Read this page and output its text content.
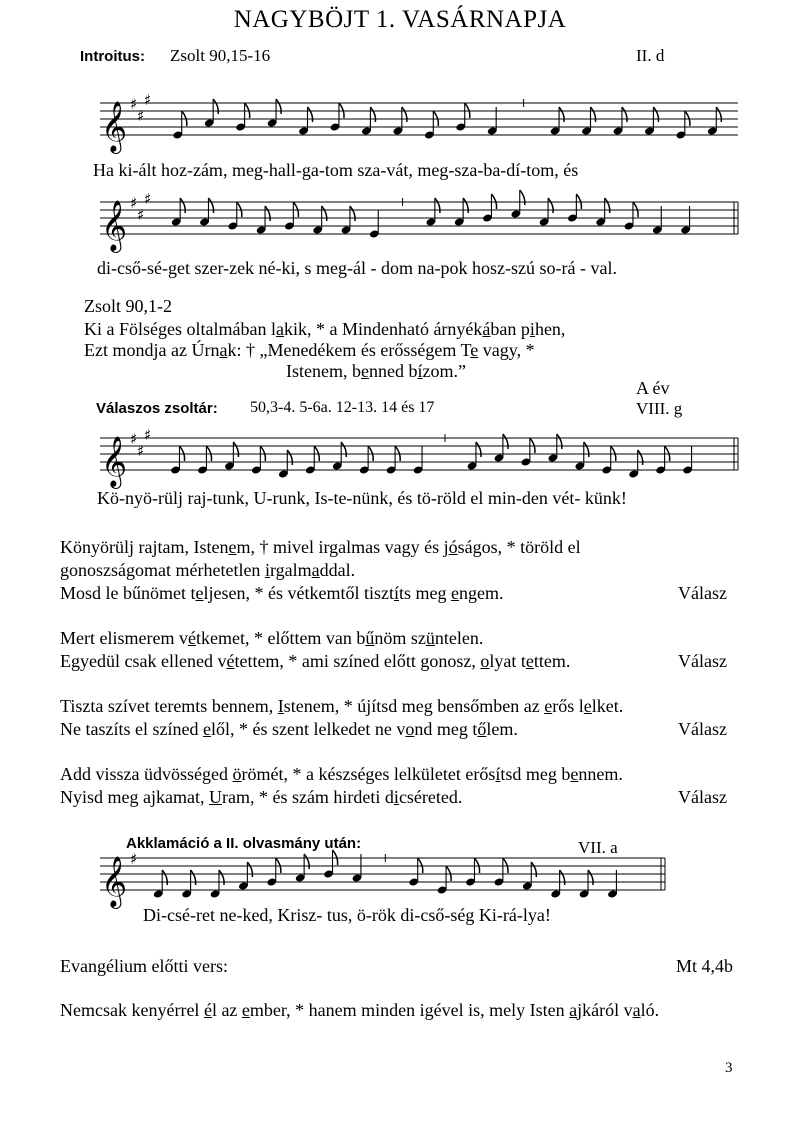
NAGYBÖJT 1. VASÁRNAPJA
Introitus: Zsolt 90,15-16	II. d
𝄞 ♯
♯
♯
Ha ki-ált hoz-zám, meg-hall-ga-tom sza-vát, meg-sza-ba-dí-tom, és
𝄞 ♯
♯
♯
di-cső-sé-get szer-zek né-ki, s meg-ál - dom na-pok hosz-szú so-rá - val.
Zsolt 90,1-2
Ki a Fölséges oltalmában lakik, * a Mindenható árnyékában pihen,
Ezt mondja az Úrnak: † „Menedékem és erősségem Te vagy, *
Istenem, benned bízom.”
A év
Válaszos zsoltár: 50,3-4. 5-6a. 12-13. 14 és 17	VIII. g
𝄞 ♯
♯
♯
Kö-nyö-rülj raj-tunk, U-runk, Is-te-nünk, és tö-röld el min-den vét- künk!
Könyörülj rajtam, Istenem, † mivel irgalmas vagy és jóságos, * töröld el
gonoszságomat mérhetetlen irgalmaddal.
Mosd le bűnömet teljesen, * és vétkemtől tisztíts meg engem.	Válasz
Mert elismerem vétkemet, * előttem van bűnöm szüntelen.
Egyedül csak ellened vétettem, * ami színed előtt gonosz, olyat tettem.	Válasz
Tiszta szívet teremts bennem, Istenem, * újítsd meg bensőmben az erős lelket.
Ne taszíts el színed elől, * és szent lelkedet ne vond meg tőlem.	Válasz
Add vissza üdvösséged örömét, * a készséges lelkületet erősítsd meg bennem.
Nyisd meg ajkamat, Uram, * és szám hirdeti dicséreted.	Válasz
Akklamáció a II. olvasmány után:	VII. a
𝄞 ♯
Di-csé-ret ne-ked, Krisz- tus, ö-rök di-cső-ség Ki-rá-lya!
Evangélium előtti vers:	Mt 4,4b
Nemcsak kenyérrel él az ember, * hanem minden igével is, mely Isten ajkáról való.
3
